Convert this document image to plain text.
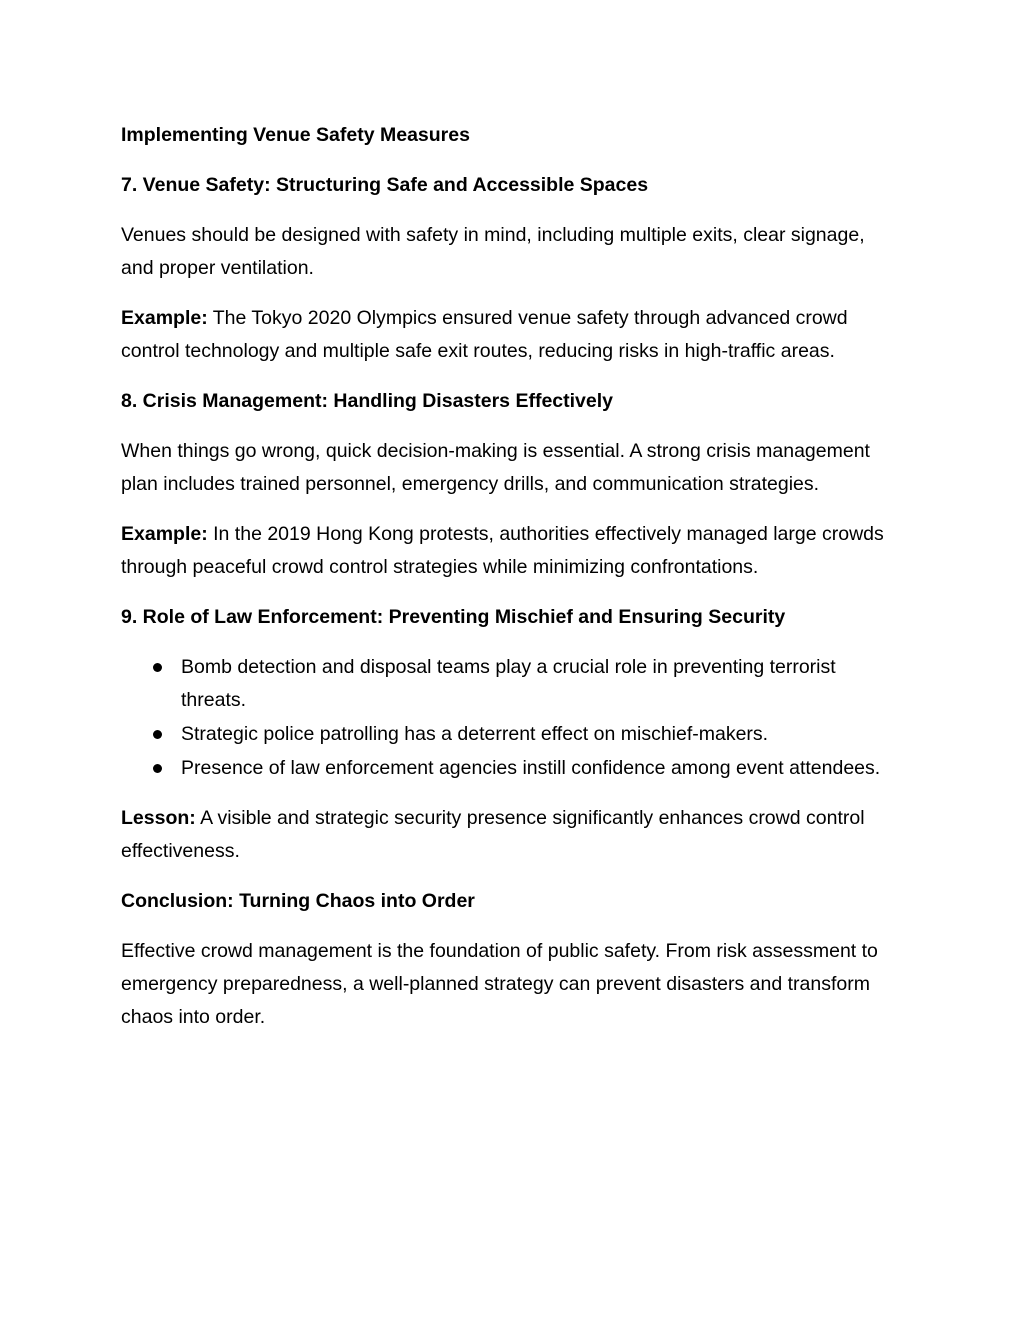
Implementing Venue Safety Measures

7. Venue Safety: Structuring Safe and Accessible Spaces

Venues should be designed with safety in mind, including multiple exits, clear signage, and proper ventilation.

Example: The Tokyo 2020 Olympics ensured venue safety through advanced crowd control technology and multiple safe exit routes, reducing risks in high-traffic areas.

8. Crisis Management: Handling Disasters Effectively

When things go wrong, quick decision-making is essential. A strong crisis management plan includes trained personnel, emergency drills, and communication strategies.

Example: In the 2019 Hong Kong protests, authorities effectively managed large crowds through peaceful crowd control strategies while minimizing confrontations.

9. Role of Law Enforcement: Preventing Mischief and Ensuring Security

Bomb detection and disposal teams play a crucial role in preventing terrorist threats.
Strategic police patrolling has a deterrent effect on mischief-makers.
Presence of law enforcement agencies instill confidence among event attendees.

Lesson: A visible and strategic security presence significantly enhances crowd control effectiveness.

Conclusion: Turning Chaos into Order

Effective crowd management is the foundation of public safety. From risk assessment to emergency preparedness, a well-planned strategy can prevent disasters and transform chaos into order.
